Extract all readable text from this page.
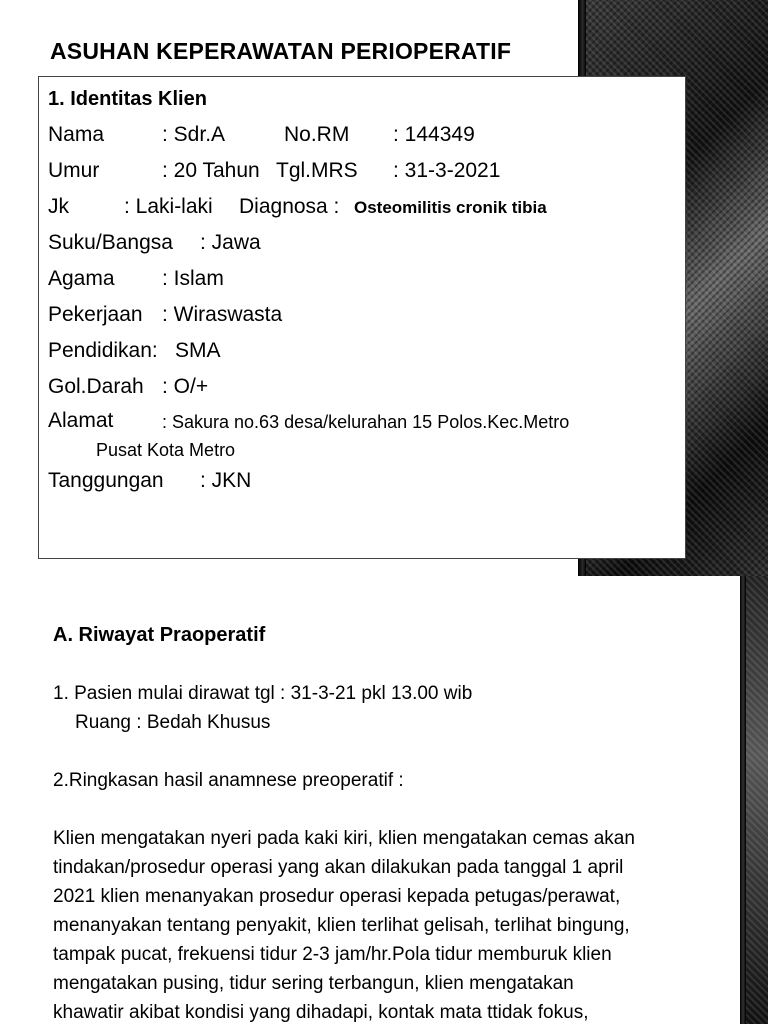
ASUHAN KEPERAWATAN PERIOPERATIF
1. Identitas Klien
Nama	: Sdr.A	No.RM : 144349
Umur	: 20 Tahun Tgl.MRS : 31-3-2021
Jk	: Laki-laki Diagnosa : Osteomilitis cronik tibia
Suku/Bangsa : Jawa
Agama : Islam
Pekerjaan : Wiraswasta
Pendidikan: SMA
Gol.Darah : O/+
Alamat	: Sakura no.63 desa/kelurahan 15 Polos.Kec.Metro
Pusat Kota Metro
Tanggungan : JKN
A. Riwayat Praoperatif
1. Pasien mulai dirawat tgl : 31-3-21 pkl 13.00 wib
Ruang : Bedah Khusus
2.Ringkasan hasil anamnese preoperatif :
Klien mengatakan nyeri pada kaki kiri, klien mengatakan cemas akan
tindakan/prosedur operasi yang akan dilakukan pada tanggal 1 april
2021 klien menanyakan prosedur operasi kepada petugas/perawat,
menanyakan tentang penyakit, klien terlihat gelisah, terlihat bingung,
tampak pucat, frekuensi tidur 2-3 jam/hr.Pola tidur memburuk klien
mengatakan pusing, tidur sering terbangun, klien mengatakan
khawatir akibat kondisi yang dihadapi, kontak mata ttidak fokus,
